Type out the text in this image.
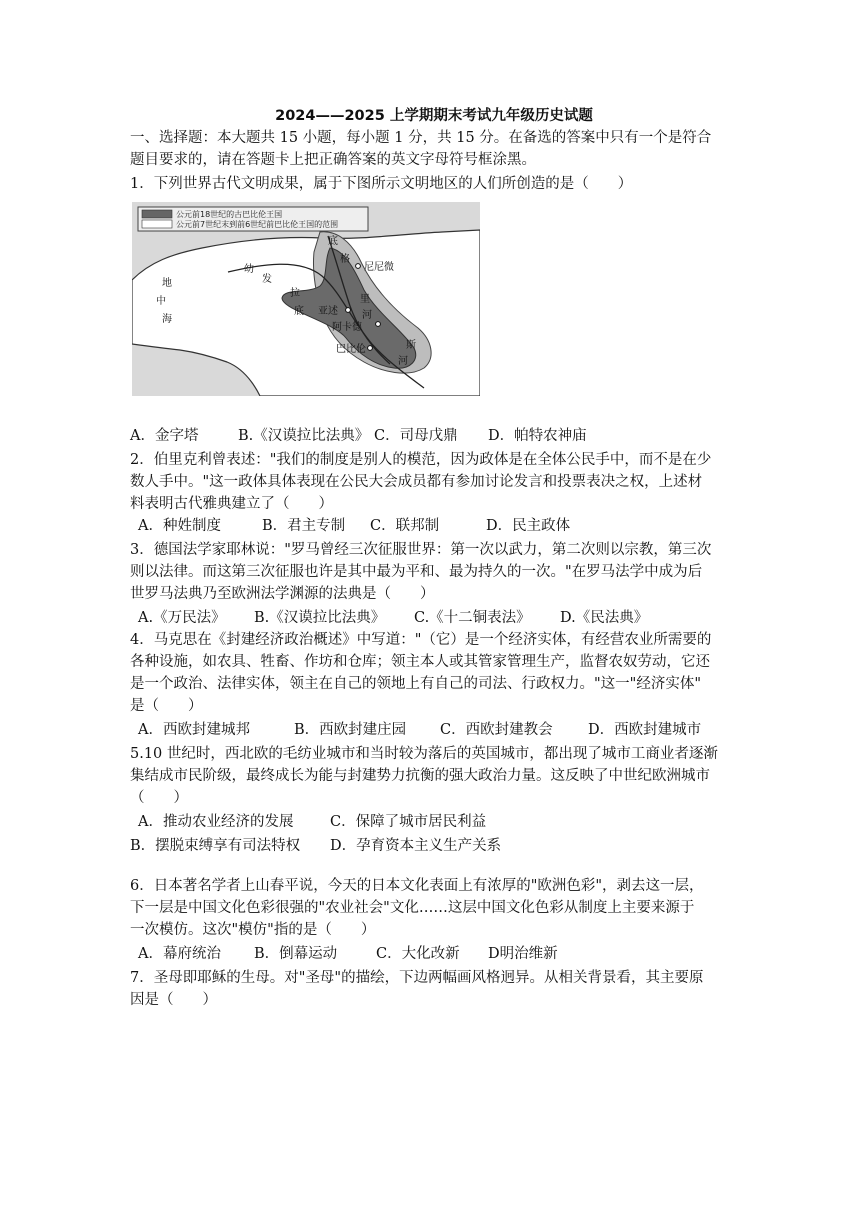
2024——2025 上学期期末考试九年级历史试题
一、选择题：本大题共 15 小题，每小题 1 分，共 15 分。在备选的答案中只有一个是符合
题目要求的，请在答题卡上把正确答案的英文字母符号框涂黑。
1．下列世界古代文明成果，属于下图所示文明地区的人们所创造的是（　　）
公元前18世纪的古巴比伦王国
公元前7世纪末到前6世纪前巴比伦王国的范围
地
中
海
幼
发
拉
底
底
格
里
斯
河
尼尼微
亚述
阿卡德
巴比伦
河
A．金字塔	B.《汉谟拉比法典》 C．司母戊鼎 D．帕特农神庙
2．伯里克利曾表述："我们的制度是别人的模范，因为政体是在全体公民手中，而不是在少
数人手中。"这一政体具体表现在公民大会成员都有参加讨论发言和投票表决之权，上述材
料表明古代雅典建立了（　　）
A．种姓制度	B．君主专制 C．联邦制	D．民主政体
3．德国法学家耶林说："罗马曾经三次征服世界：第一次以武力，第二次则以宗教，第三次
则以法律。而这第三次征服也许是其中最为平和、最为持久的一次。"在罗马法学中成为后
世罗马法典乃至欧洲法学渊源的法典是（　　）
A.《万民法》 B.《汉谟拉比法典》 C.《十二铜表法》 D.《民法典》
4．马克思在《封建经济政治概述》中写道："（它）是一个经济实体，有经营农业所需要的
各种设施，如农具、牲畜、作坊和仓库；领主本人或其管家管理生产，监督农奴劳动，它还
是一个政治、法律实体，领主在自己的领地上有自己的司法、行政权力。"这一"经济实体"
是（　　）
A．西欧封建城邦	B．西欧封建庄园 C．西欧封建教会 D．西欧封建城市
5.10 世纪时，西北欧的毛纺业城市和当时较为落后的英国城市，都出现了城市工商业者逐渐
集结成市民阶级，最终成长为能与封建势力抗衡的强大政治力量。这反映了中世纪欧洲城市
（　　）
A．推动农业经济的发展	C．保障了城市居民利益
B．摆脱束缚享有司法特权 D．孕育资本主义生产关系
6．日本著名学者上山春平说，今天的日本文化表面上有浓厚的"欧洲色彩"，剥去这一层，
下一层是中国文化色彩很强的"农业社会"文化……这层中国文化色彩从制度上主要来源于
一次模仿。这次"模仿"指的是（　　）
A．幕府统治 B．倒幕运动	C．大化改新 D明治维新
7．圣母即耶稣的生母。对"圣母"的描绘，下边两幅画风格迥异。从相关背景看，其主要原
因是（　　）
